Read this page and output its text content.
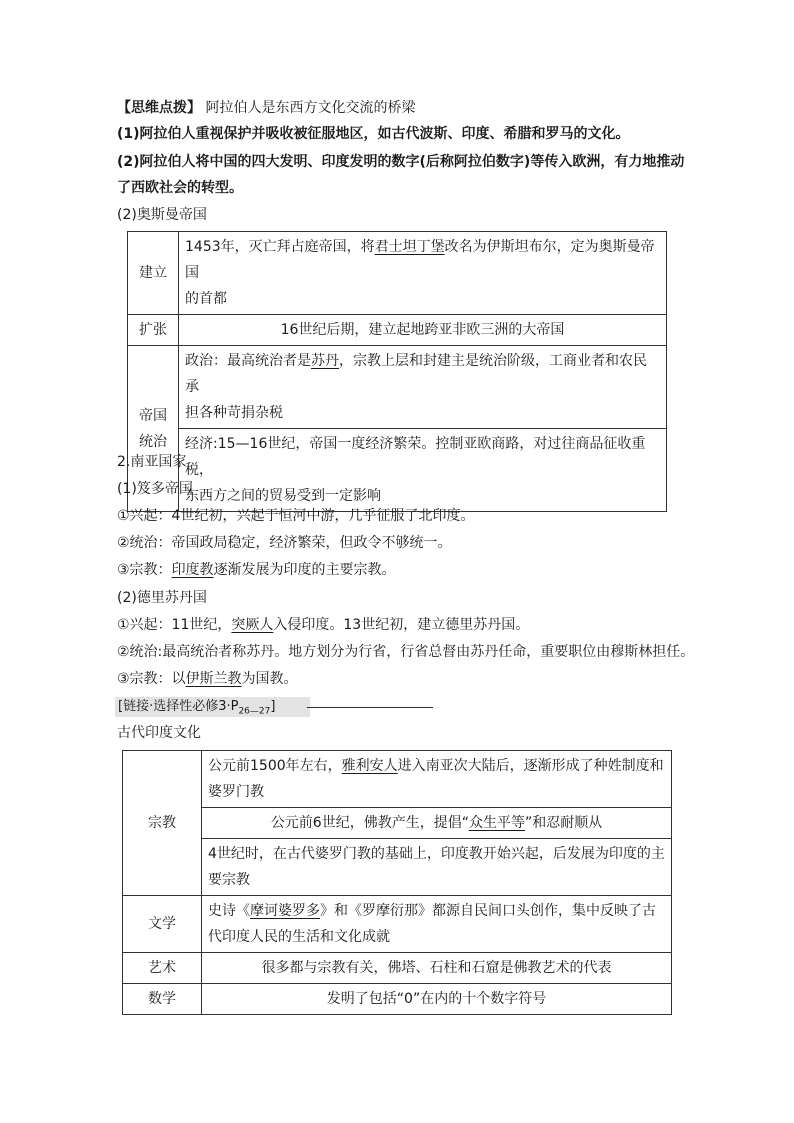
【思维点拨】 阿拉伯人是东西方文化交流的桥梁
(1)阿拉伯人重视保护并吸收被征服地区，如古代波斯、印度、希腊和罗马的文化。
(2)阿拉伯人将中国的四大发明、印度发明的数字(后称阿拉伯数字)等传入欧洲，有力地推动
了西欧社会的转型。
(2)奥斯曼帝国
建立	1453年，灭亡拜占庭帝国，将君士坦丁堡改名为伊斯坦布尔，定为奥斯曼帝国
的首都
扩张	16世纪后期，建立起地跨亚非欧三洲的大帝国
帝国
统治	政治：最高统治者是苏丹，宗教上层和封建主是统治阶级，工商业者和农民承
担各种苛捐杂税
	经济:15—16世纪，帝国一度经济繁荣。控制亚欧商路，对过往商品征收重税，
东西方之间的贸易受到一定影响
2.南亚国家
(1)笈多帝国
①兴起：4世纪初，兴起于恒河中游，几乎征服了北印度。
②统治：帝国政局稳定，经济繁荣，但政令不够统一。
③宗教：印度教逐渐发展为印度的主要宗教。
(2)德里苏丹国
①兴起：11世纪，突厥人入侵印度。13世纪初，建立德里苏丹国。
②统治:最高统治者称苏丹。地方划分为行省，行省总督由苏丹任命，重要职位由穆斯林担任。
③宗教：以伊斯兰教为国教。
[链接·选择性必修$3\cdot P_{26—27}$]
古代印度文化
宗教	公元前1500年左右，雅利安人进入南亚次大陆后，逐渐形成了种姓制度和
婆罗门教
	公元前6世纪，佛教产生，提倡“众生平等”和忍耐顺从
	4世纪时，在古代婆罗门教的基础上，印度教开始兴起，后发展为印度的主
要宗教
文学	史诗《摩诃婆罗多》和《罗摩衍那》都源自民间口头创作，集中反映了古
代印度人民的生活和文化成就
艺术	很多都与宗教有关，佛塔、石柱和石窟是佛教艺术的代表
数学	发明了包括“0”在内的十个数字符号
